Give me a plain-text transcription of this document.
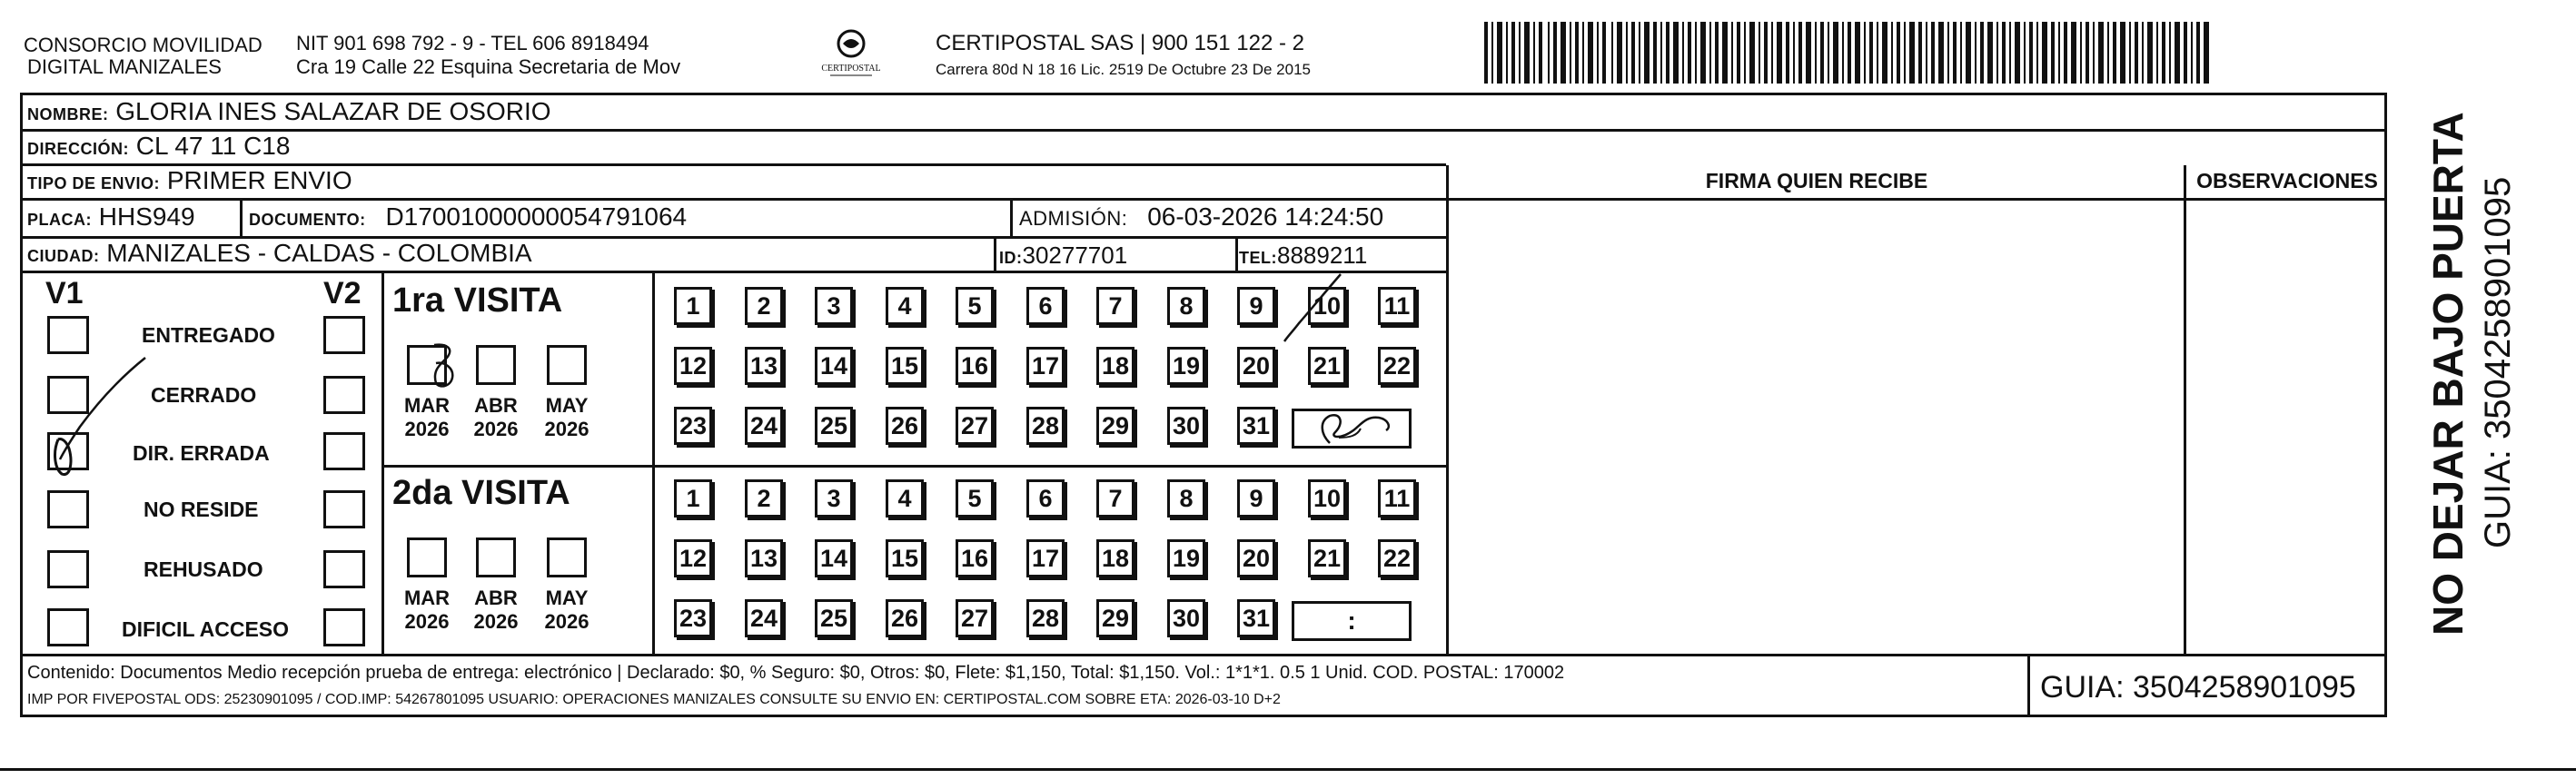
CONSORCIO MOVILIDAD
DIGITAL MANIZALES
NIT 901 698 792 - 9 - TEL 606 8918494
Cra 19 Calle 22 Esquina Secretaria de Mov	CERTIPOSTAL
CERTIPOSTAL SAS | 900 151 122 - 2
Carrera 80d N 18 16 Lic. 2519 De Octubre 23 De 2015
NOMBRE: GLORIA INES SALAZAR DE OSORIO
DIRECCIÓN: CL 47 11 C18
TIPO DE ENVIO: PRIMER ENVIO
PLACA: HHS949	DOCUMENTO: D17001000000054791064	ADMISIÓN: 06-03-2026 14:24:50
CIUDAD: MANIZALES - CALDAS - COLOMBIA	ID:30277701	TEL:8889211
FIRMA QUIEN RECIBE	OBSERVACIONES
V1	V2
ENTREGADO
CERRADO
DIR. ERRADA
NO RESIDE
REHUSADO
DIFICIL ACCESO
1ra VISITA
2da VISITA
MAR
2026
ABR
2026
MAY
2026
MAR
2026
ABR
2026
MAY
2026
1	2	3	4	5	6	7	8	9	10 11
12 13 14 15 16 17 18 19 20 21 22
23 24 25 26 27 28 29 30 31
1	2	3	4	5	6	7	8	9	10 11
12 13 14 15 16 17 18 19 20 21 22
23 24 25 26 27 28 29 30 31	:
Contenido: Documentos Medio recepción prueba de entrega: electrónico | Declarado: $0, % Seguro: $0, Otros: $0, Flete: $1,150, Total: $1,150. Vol.: 1*1*1. 0.5 1 Unid. COD. POSTAL: 170002
IMP POR FIVEPOSTAL ODS: 25230901095 / COD.IMP: 54267801095 USUARIO: OPERACIONES MANIZALES CONSULTE SU ENVIO EN: CERTIPOSTAL.COM SOBRE ETA: 2026-03-10 D+2	GUIA: 3504258901095
NO DEJAR BAJO PUERTA GUIA: 3504258901095
